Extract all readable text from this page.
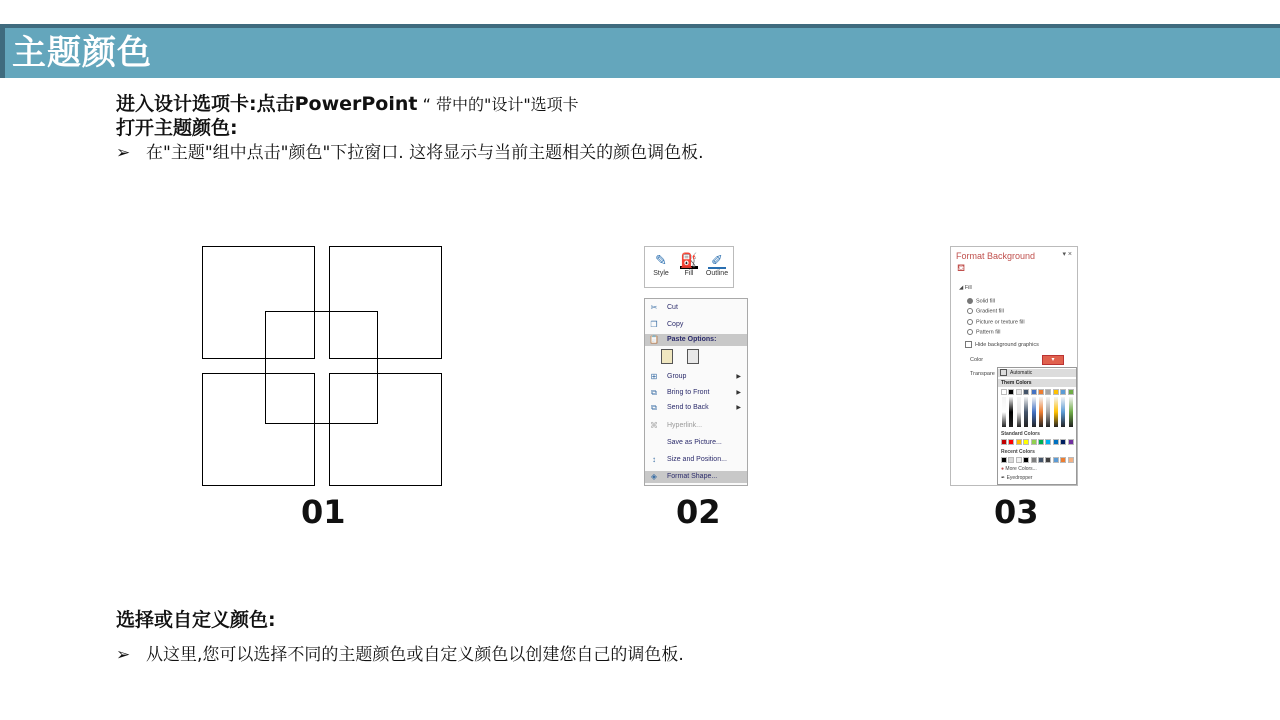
主题颜色
进入设计选项卡:点击PowerPoint “ 带中的"设计"选项卡
打开主题颜色:
➢ 在"主题"组中点击"颜色"下拉窗口. 这将显示与当前主题相关的颜色调色板.
01
✎
Style
⛽
Fill
✐
Outline
✂ Cut
❐ Copy
📋 Paste Options:
⊞ Group	▶
⧉	Bring to Front	▶
⧉	Send to Back	▶
⌘ Hyperlink...
Save as Picture...
↕	Size and Position...
◈ Format Shape...
02
Format Background	▾ ×
⛾
◢ Fill
Solid fill
Gradient fill
Picture or texture fill
Pattern fill
Hide background graphics
Color	▾
Transpare	Automatic
Them Colors
Standard Colors
Recent Colors
● More Colors...
✒ Eyedropper
03
选择或自定义颜色:
➢ 从这里,您可以选择不同的主题颜色或自定义颜色以创建您自己的调色板.
